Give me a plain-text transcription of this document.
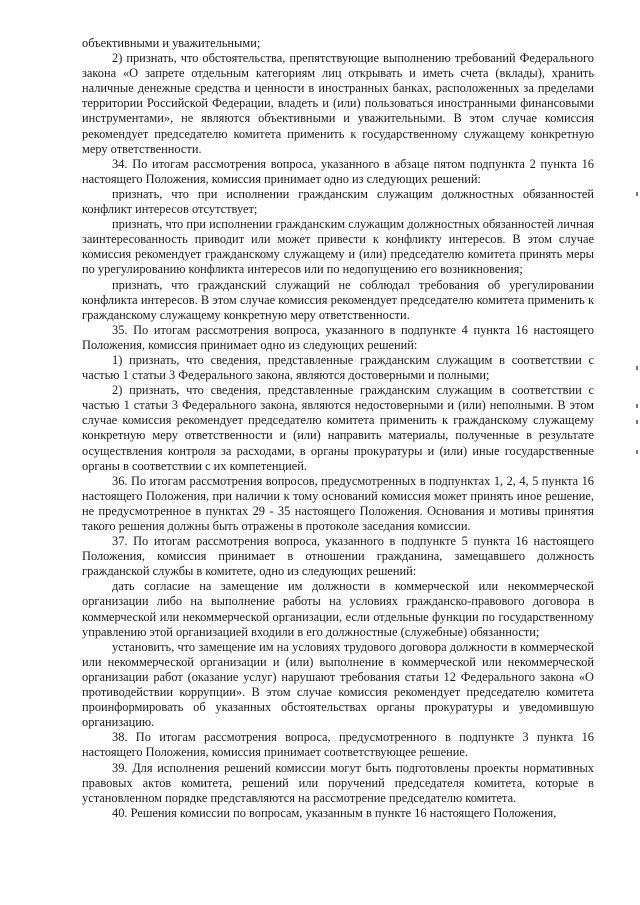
объективными и уважительными;

2) признать, что обстоятельства, препятствующие выполнению требований Федерального закона «О запрете отдельным категориям лиц открывать и иметь счета (вклады), хранить наличные денежные средства и ценности в иностранных банках, расположенных за пределами территории Российской Федерации, владеть и (или) пользоваться иностранными финансовыми инструментами», не являются объективными и уважительными. В этом случае комиссия рекомендует председателю комитета применить к государственному служащему конкретную меру ответственности.

34. По итогам рассмотрения вопроса, указанного в абзаце пятом подпункта 2 пункта 16 настоящего Положения, комиссия принимает одно из следующих решений:

признать, что при исполнении гражданским служащим должностных обязанностей конфликт интересов отсутствует;

признать, что при исполнении гражданским служащим должностных обязанностей личная заинтересованность приводит или может привести к конфликту интересов. В этом случае комиссия рекомендует гражданскому служащему и (или) председателю комитета принять меры по урегулированию конфликта интересов или по недопущению его возникновения;

признать, что гражданский служащий не соблюдал требования об урегулировании конфликта интересов. В этом случае комиссия рекомендует председателю комитета применить к гражданскому служащему конкретную меру ответственности.

35. По итогам рассмотрения вопроса, указанного в подпункте 4 пункта 16 настоящего Положения, комиссия принимает одно из следующих решений:

1) признать, что сведения, представленные гражданским служащим в соответствии с частью 1 статьи 3 Федерального закона, являются достоверными и полными;

2) признать, что сведения, представленные гражданским служащим в соответствии с частью 1 статьи 3 Федерального закона, являются недостоверными и (или) неполными. В этом случае комиссия рекомендует председателю комитета применить к гражданскому служащему конкретную меру ответственности и (или) направить материалы, полученные в результате осуществления контроля за расходами, в органы прокуратуры и (или) иные государственные органы в соответствии с их компетенцией.

36. По итогам рассмотрения вопросов, предусмотренных в подпунктах 1, 2, 4, 5 пункта 16 настоящего Положения, при наличии к тому оснований комиссия может принять иное решение, не предусмотренное в пунктах 29 - 35 настоящего Положения. Основания и мотивы принятия такого решения должны быть отражены в протоколе заседания комиссии.

37. По итогам рассмотрения вопроса, указанного в подпункте 5 пункта 16 настоящего Положения, комиссия принимает в отношении гражданина, замещавшего должность гражданской службы в комитете, одно из следующих решений:

дать согласие на замещение им должности в коммерческой или некоммерческой организации либо на выполнение работы на условиях гражданско-правового договора в коммерческой или некоммерческой организации, если отдельные функции по государственному управлению этой организацией входили в его должностные (служебные) обязанности;

установить, что замещение им на условиях трудового договора должности в коммерческой или некоммерческой организации и (или) выполнение в коммерческой или некоммерческой организации работ (оказание услуг) нарушают требования статьи 12 Федерального закона «О противодействии коррупции». В этом случае комиссия рекомендует председателю комитета проинформировать об указанных обстоятельствах органы прокуратуры и уведомившую организацию.

38. По итогам рассмотрения вопроса, предусмотренного в подпункте 3 пункта 16 настоящего Положения, комиссия принимает соответствующее решение.

39. Для исполнения решений комиссии могут быть подготовлены проекты нормативных правовых актов комитета, решений или поручений председателя комитета, которые в установленном порядке представляются на рассмотрение председателю комитета.

40. Решения комиссии по вопросам, указанным в пункте 16 настоящего Положения,
